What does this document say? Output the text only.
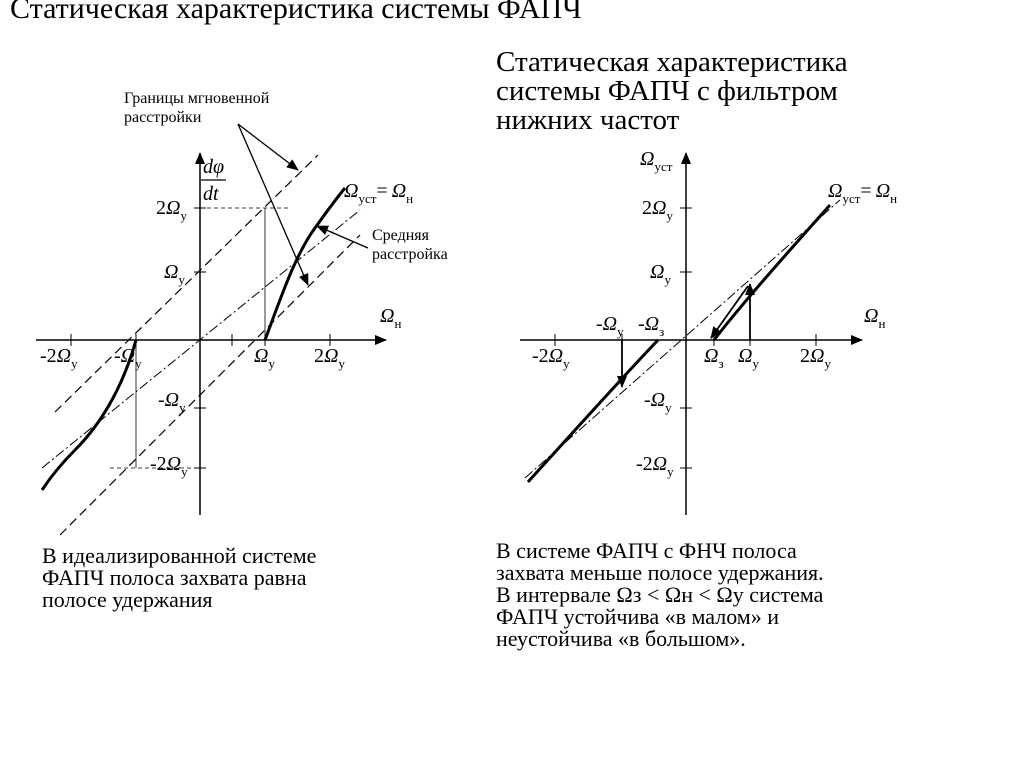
Статическая характеристика системы ФАПЧ
Статическая характеристика
системы ФАПЧ с фильтром
нижних частот
Границы мгновенной
расстройки
Средняя
расстройка
dφ
dt
$\Omega_н$
$\Omega_{уст}= \Omega_н$
$2\Omega_у$
$\Omega_у$
$-\Omega_у$
$-2\Omega_у$
$-2\Omega_у$ $-\Omega_у$	$\Omega_у$ $2\Omega_у$
$\Omega_{уст}$
$\Omega_н$
$\Omega_{уст}= \Omega_н$
$2\Omega_у$
$\Omega_у$
$-\Omega_у$
$-2\Omega_у$
$-2\Omega_у$	$\Omega_з$ $\Omega_у$ $2\Omega_у$
$-\Omega_у$ $-\Omega_з$
В идеализированной системе
ФАПЧ полоса захвата равна
полосе удержания
В системе ФАПЧ с ФНЧ полоса
захвата меньше полосе удержания.
В интервале Ωз < Ωн < Ωу система
ФАПЧ устойчива «в малом» и
неустойчива «в большом».
